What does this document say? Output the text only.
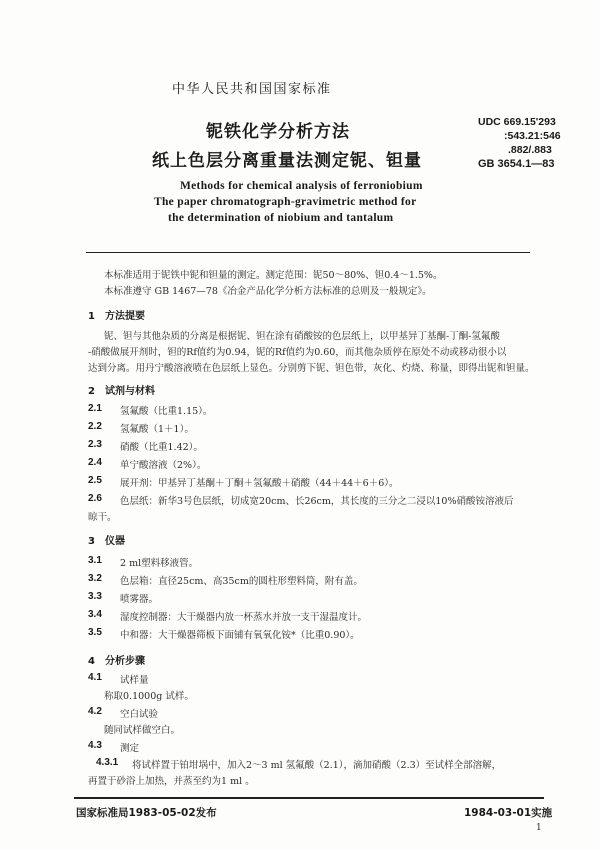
中华人民共和国国家标准
铌铁化学分析方法
纸上色层分离重量法测定铌、钽量
UDC 669.15'293
:543.21:546
.882/.883
GB 3654.1—83
Methods for chemical analysis of ferroniobium
The paper chromatograph-gravimetric method for
the determination of niobium and tantalum
本标准适用于铌铁中铌和钽量的测定。测定范围：铌50～80%、钽0.4～1.5%。
本标准遵守 GB 1467—78《冶金产品化学分析方法标准的总则及一般规定》。
1　方法提要
铌、钽与其他杂质的分离是根据铌、钽在涂有硝酸铵的色层纸上，以甲基异丁基酮-丁酮-氢氟酸
-硝酸做展开剂时，钽的Rf值约为0.94，铌的Rf值约为0.60，而其他杂质停在原处不动或移动很小以
达到分离。用丹宁酸溶液喷在色层纸上显色。分别剪下铌、钽色带，灰化、灼烧、称量，即得出铌和钽量。
2　试剂与材料
2.1 氢氟酸（比重1.15）。
2.2 氢氟酸（1＋1）。
2.3 硝酸（比重1.42）。
2.4 单宁酸溶液（2%）。
2.5 展开剂：甲基异丁基酮＋丁酮＋氢氟酸＋硝酸（44＋44＋6＋6）。
2.6 色层纸：新华3号色层纸，切成宽20cm、长26cm，其长度的三分之二浸以10%硝酸铵溶液后
晾干。
3　仪器
3.1 2 ml塑料移液管。
3.2 色层箱：直径25cm、高35cm的圆柱形塑料筒，附有盖。
3.3 喷雾器。
3.4 湿度控制器：大干燥器内放一杯蒸水并放一支干湿温度计。
3.5 中和器：大干燥器筛板下面铺有氧氧化铵*（比重0.90）。
4　分析步骤
4.1 试样量
称取0.1000g 试样。
4.2 空白试验
随同试样做空白。
4.3 测定
4.3.1 将试样置于铂坩埚中，加入2～3 ml 氢氟酸（2.1），滴加硝酸（2.3）至试样全部溶解，
再置于砂浴上加热，并蒸至约为1 ml 。
国家标准局1983-05-02发布	1984-03-01实施
1
